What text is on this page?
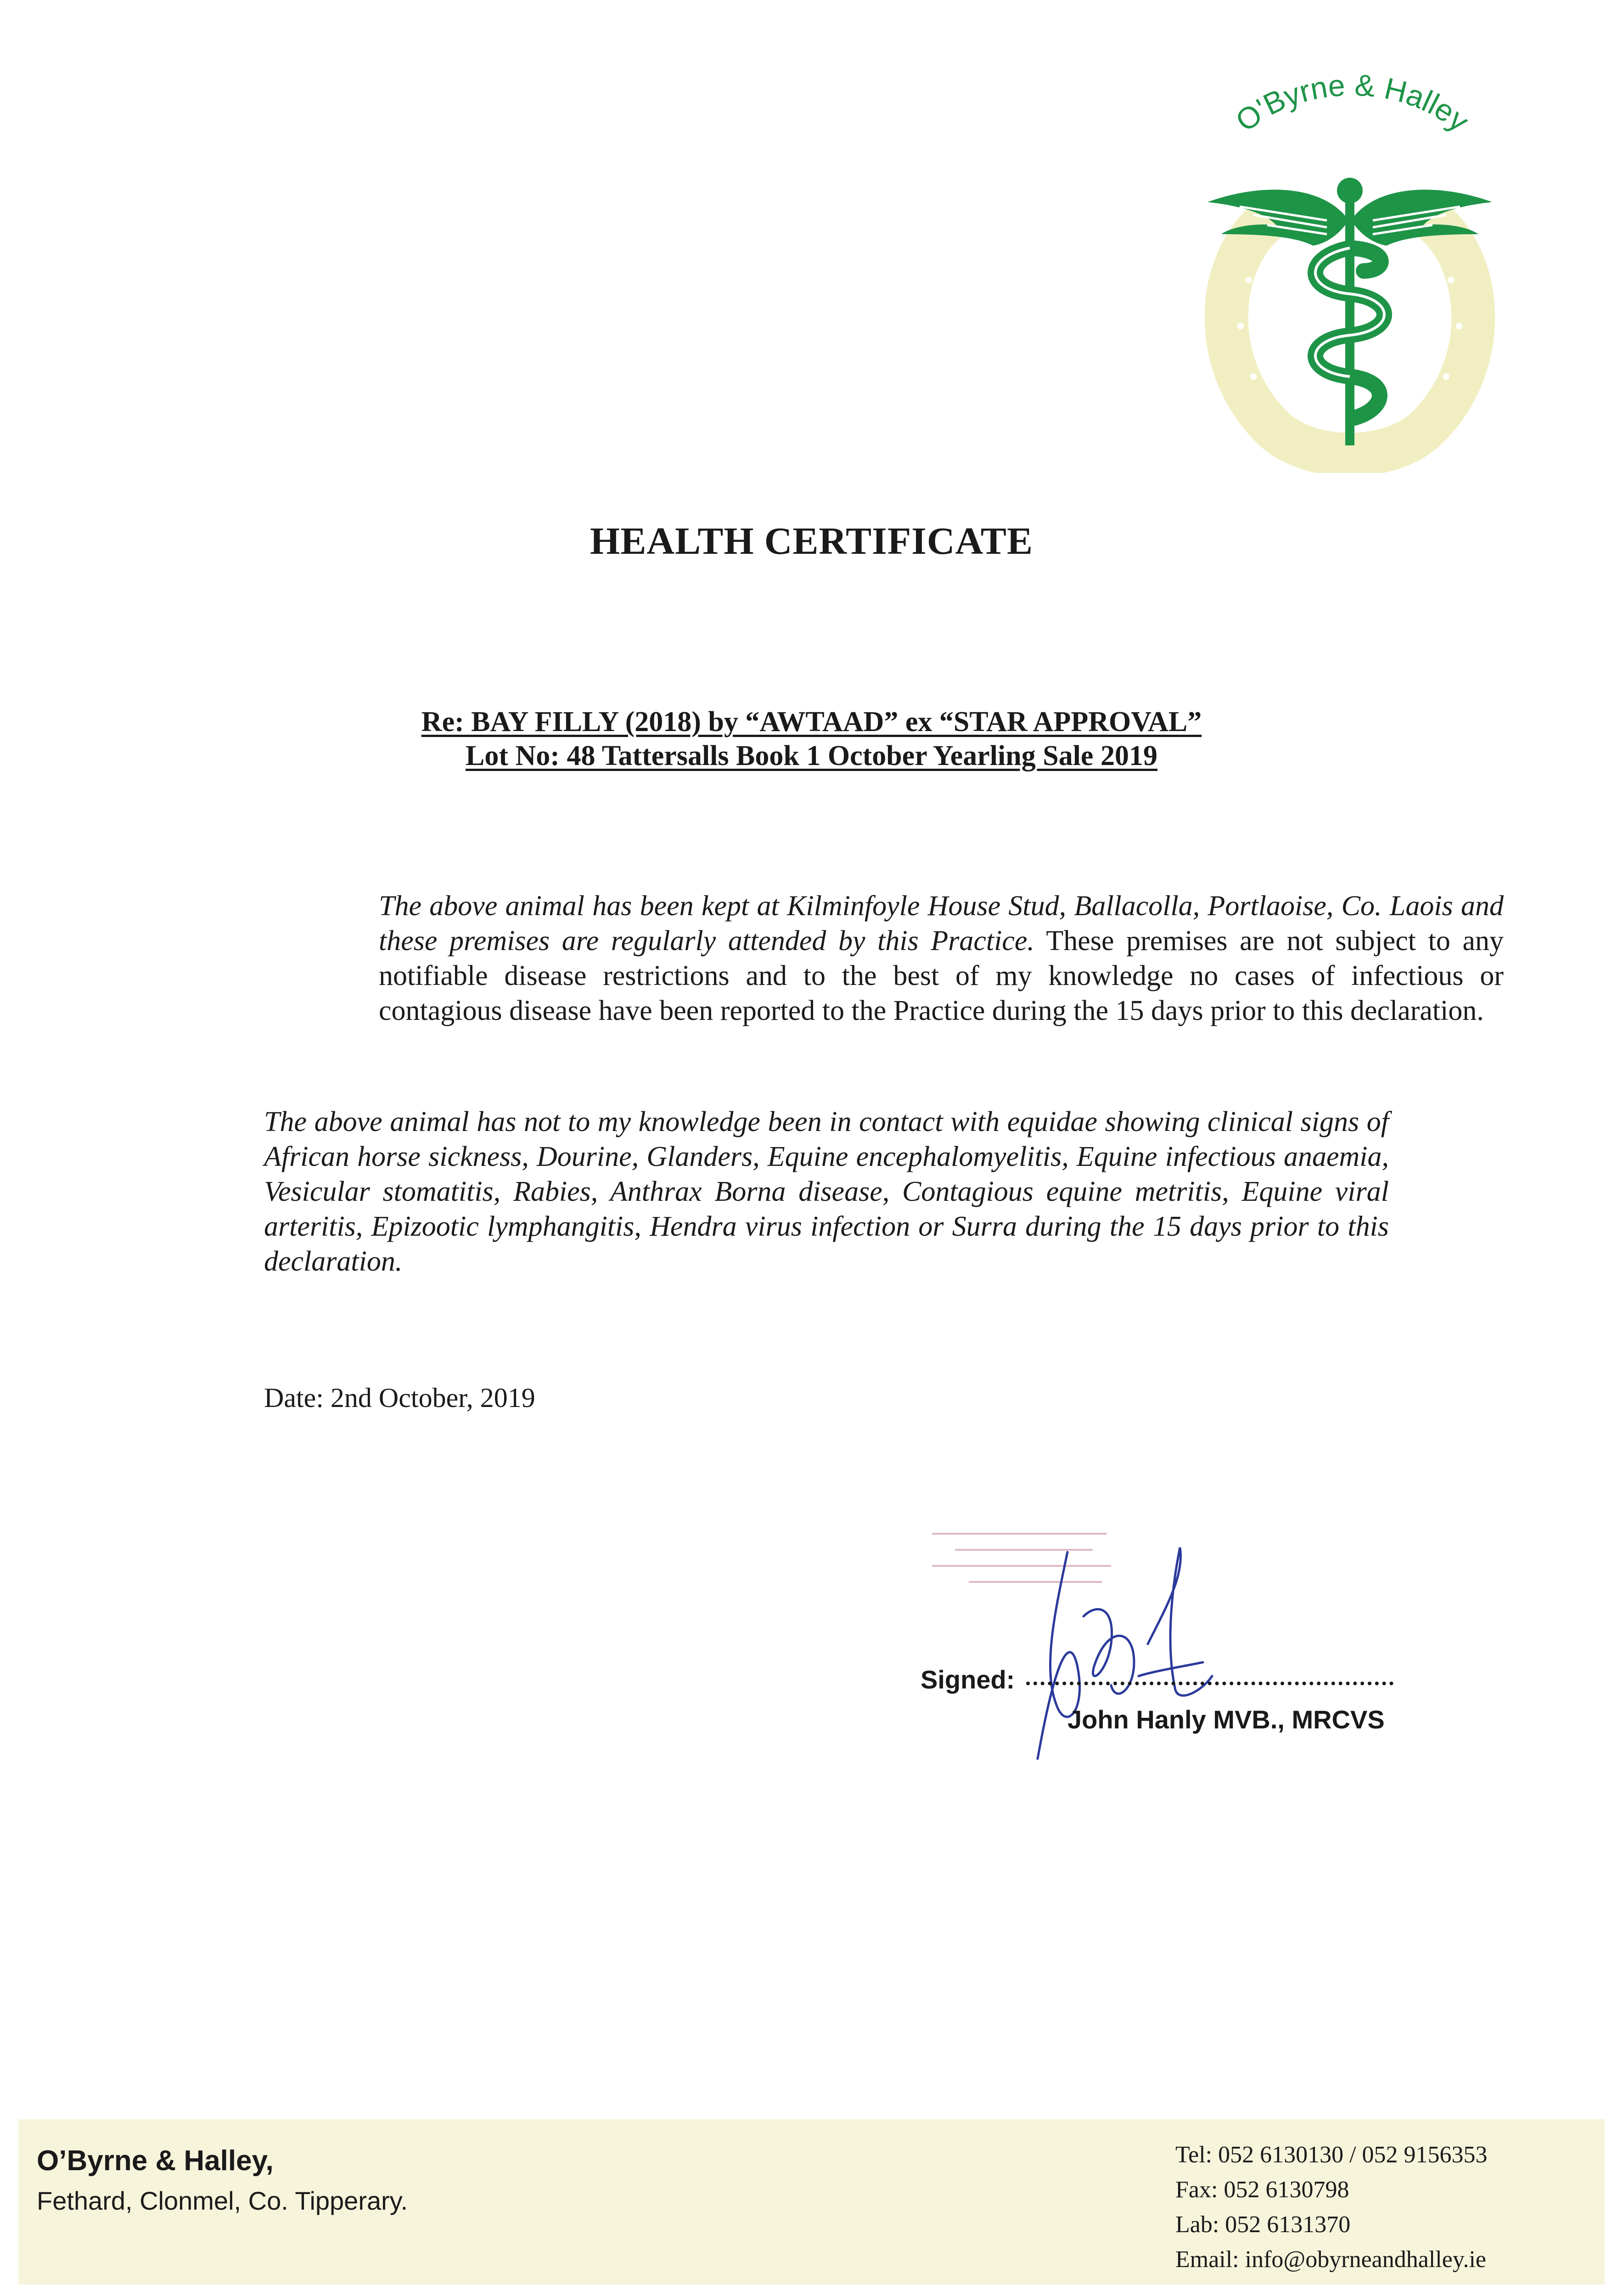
O'Byrne & Halley
HEALTH CERTIFICATE
Re: BAY FILLY (2018) by “AWTAAD” ex “STAR APPROVAL”
Lot No: 48 Tattersalls Book 1 October Yearling Sale 2019
The above animal has been kept at Kilminfoyle House Stud, Ballacolla, Portlaoise, Co. Laois and these premises are regularly attended by this Practice. These premises are not subject to any notifiable disease restrictions and to the best of my knowledge no cases of infectious or contagious disease have been reported to the Practice during the 15 days prior to this declaration.
The above animal has not to my knowledge been in contact with equidae showing clinical signs of African horse sickness, Dourine, Glanders, Equine encephalomyelitis, Equine infectious anaemia, Vesicular stomatitis, Rabies, Anthrax Borna disease, Contagious equine metritis, Equine viral arteritis, Epizootic lymphangitis, Hendra virus infection or Surra during the 15 days prior to this declaration.
Date: 2nd October, 2019
Signed:
John Hanly MVB., MRCVS
O’Byrne & Halley,
Fethard, Clonmel, Co. Tipperary.
Tel: 052 6130130 / 052 9156353
Fax: 052 6130798
Lab: 052 6131370
Email: info@obyrneandhalley.ie
